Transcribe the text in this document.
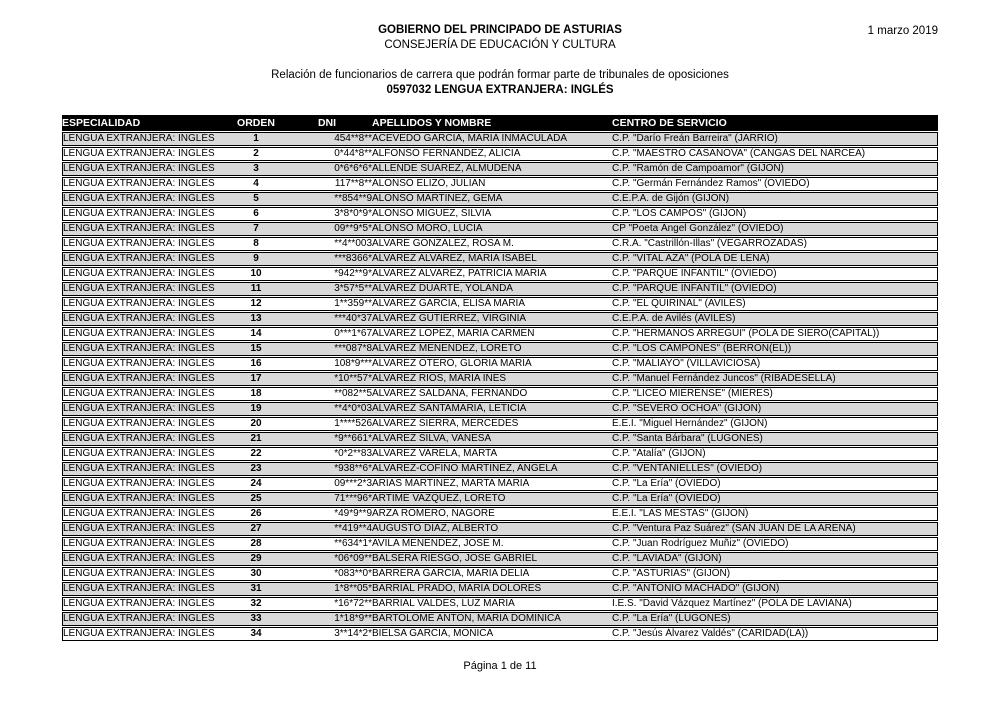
GOBIERNO DEL PRINCIPADO DE ASTURIAS
CONSEJERÍA DE EDUCACIÓN Y CULTURA
1 marzo 2019
Relación de funcionarios de carrera que podrán formar parte de tribunales de oposiciones
0597032 LENGUA EXTRANJERA: INGLÉS
ESPECIALIDAD	ORDEN	DNI	APELLIDOS Y NOMBRE	CENTRO DE SERVICIO
LENGUA EXTRANJERA: INGLÉS	1	454**8**	ACEVEDO GARCIA, MARIA INMACULADA	C.P. "Darío Freán Barreira" (JARRIO)
LENGUA EXTRANJERA: INGLÉS	2	0*44*8**	ALFONSO FERNANDEZ, ALICIA	C.P. "MAESTRO CASANOVA" (CANGAS DEL NARCEA)
LENGUA EXTRANJERA: INGLÉS	3	0*6*6*6*	ALLENDE SUAREZ, ALMUDENA	C.P. "Ramón de Campoamor" (GIJON)
LENGUA EXTRANJERA: INGLÉS	4	117**8**	ALONSO ELIZO, JULIAN	C.P. "Germán Fernández Ramos" (OVIEDO)
LENGUA EXTRANJERA: INGLÉS	5	**854**9	ALONSO MARTINEZ, GEMA	C.E.P.A. de Gijón (GIJON)
LENGUA EXTRANJERA: INGLÉS	6	3*8*0*9*	ALONSO MIGUEZ, SILVIA	C.P. "LOS CAMPOS" (GIJON)
LENGUA EXTRANJERA: INGLÉS	7	09**9*5*	ALONSO MORO, LUCIA	CP "Poeta Ángel González" (OVIEDO)
LENGUA EXTRANJERA: INGLÉS	8	**4**003	ALVARE GONZALEZ, ROSA M.	C.R.A. "Castrillón-Illas" (VEGARROZADAS)
LENGUA EXTRANJERA: INGLÉS	9	***8366*	ALVAREZ ALVAREZ, MARIA ISABEL	C.P. "VITAL AZA" (POLA DE LENA)
LENGUA EXTRANJERA: INGLÉS	10	*942**9*	ALVAREZ ALVAREZ, PATRICIA MARIA	C.P. "PARQUE INFANTIL" (OVIEDO)
LENGUA EXTRANJERA: INGLÉS	11	3*57*5**	ALVAREZ DUARTE, YOLANDA	C.P. "PARQUE INFANTIL" (OVIEDO)
LENGUA EXTRANJERA: INGLÉS	12	1**359**	ALVAREZ GARCIA, ELISA MARIA	C.P. "EL QUIRINAL" (AVILES)
LENGUA EXTRANJERA: INGLÉS	13	***40*37	ALVAREZ GUTIERREZ, VIRGINIA	C.E.P.A. de Avilés (AVILES)
LENGUA EXTRANJERA: INGLÉS	14	0***1*67	ALVAREZ LOPEZ, MARIA CARMEN	C.P. "HERMANOS ARREGUI" (POLA DE SIERO(CAPITAL))
LENGUA EXTRANJERA: INGLÉS	15	***087*8	ALVAREZ MENENDEZ, LORETO	C.P. "LOS CAMPONES" (BERRON(EL))
LENGUA EXTRANJERA: INGLÉS	16	108*9***	ALVAREZ OTERO, GLORIA MARIA	C.P. "MALIAYO" (VILLAVICIOSA)
LENGUA EXTRANJERA: INGLÉS	17	*10**57*	ALVAREZ RIOS, MARIA INES	C.P. "Manuel Fernández Juncos" (RIBADESELLA)
LENGUA EXTRANJERA: INGLÉS	18	**082**5	ALVAREZ SALDAÑA, FERNANDO	C.P. "LICEO MIERENSE" (MIERES)
LENGUA EXTRANJERA: INGLÉS	19	**4*0*03	ALVAREZ SANTAMARIA, LETICIA	C.P. "SEVERO OCHOA" (GIJON)
LENGUA EXTRANJERA: INGLÉS	20	1****526	ALVAREZ SIERRA, MERCEDES	E.E.I. "Miguel Hernández" (GIJON)
LENGUA EXTRANJERA: INGLÉS	21	*9**661*	ALVAREZ SILVA, VANESA	C.P. "Santa Bárbara" (LUGONES)
LENGUA EXTRANJERA: INGLÉS	22	*0*2**83	ALVAREZ VARELA, MARTA	C.P. "Atalía" (GIJON)
LENGUA EXTRANJERA: INGLÉS	23	*938**6*	ALVAREZ-COFIÑO MARTINEZ, ANGELA	C.P. "VENTANIELLES" (OVIEDO)
LENGUA EXTRANJERA: INGLÉS	24	09***2*3	ARIAS MARTINEZ, MARTA MARIA	C.P. "La Ería" (OVIEDO)
LENGUA EXTRANJERA: INGLÉS	25	71***96*	ARTIME VAZQUEZ, LORETO	C.P. "La Ería" (OVIEDO)
LENGUA EXTRANJERA: INGLÉS	26	*49*9**9	ARZA ROMERO, NAGORE	E.E.I. "LAS MESTAS" (GIJON)
LENGUA EXTRANJERA: INGLÉS	27	**419**4	AUGUSTO DIAZ, ALBERTO	C.P. "Ventura Paz Suárez" (SAN JUAN DE LA ARENA)
LENGUA EXTRANJERA: INGLÉS	28	**634*1*	AVILA MENENDEZ, JOSE M.	C.P. "Juan Rodríguez Muñiz" (OVIEDO)
LENGUA EXTRANJERA: INGLÉS	29	*06*09**	BALSERA RIESGO, JOSE GABRIEL	C.P. "LAVIADA" (GIJON)
LENGUA EXTRANJERA: INGLÉS	30	*083**0*	BARRERA GARCIA, MARIA DELIA	C.P. "ASTURIAS" (GIJON)
LENGUA EXTRANJERA: INGLÉS	31	1*8**05*	BARRIAL PRADO, MARIA DOLORES	C.P. "ANTONIO MACHADO" (GIJON)
LENGUA EXTRANJERA: INGLÉS	32	*16*72**	BARRIAL VALDES, LUZ MARIA	I.E.S. "David Vázquez Martínez" (POLA DE LAVIANA)
LENGUA EXTRANJERA: INGLÉS	33	1*18*9**	BARTOLOME ANTON, MARIA DOMINICA	C.P. "La Ería" (LUGONES)
LENGUA EXTRANJERA: INGLÉS	34	3**14*2*	BIELSA GARCIA, MONICA	C.P. "Jesús Álvarez Valdés" (CARIDAD(LA))
Página 1 de 11
